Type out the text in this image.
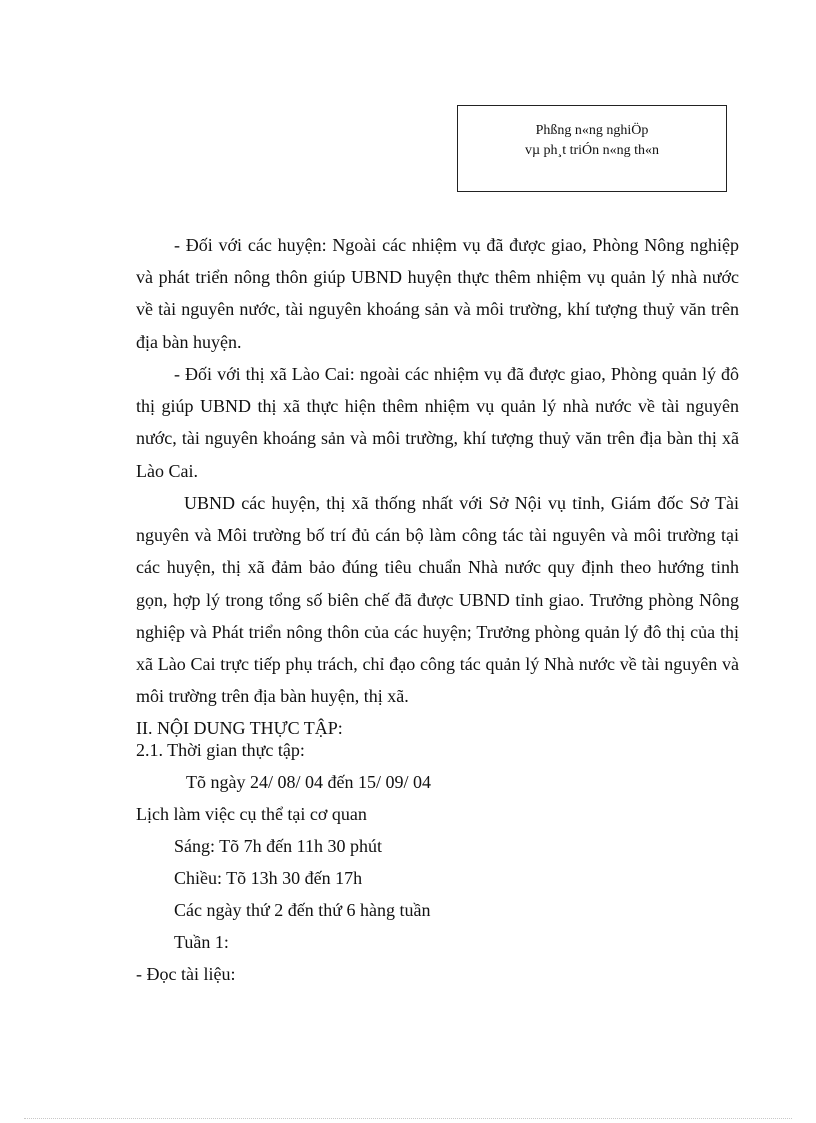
Phßng n«ng nghiÖp
vµ ph¸t triÓn n«ng th«n

- Đối với các huyện: Ngoài các nhiệm vụ đã được giao, Phòng Nông nghiệp và phát triển nông thôn giúp UBND huyện thực thêm nhiệm vụ quản lý nhà nước về tài nguyên nước, tài nguyên khoáng sản và môi trường, khí tượng thuỷ văn trên địa bàn huyện.

- Đối với thị xã Lào Cai: ngoài các nhiệm vụ đã được giao, Phòng quản lý đô thị giúp UBND thị xã thực hiện thêm nhiệm vụ quản lý nhà nước về tài nguyên nước, tài nguyên khoáng sản và môi trường, khí tượng thuỷ văn trên địa bàn thị xã Lào Cai.

UBND các huyện, thị xã thống nhất với Sở Nội vụ tỉnh, Giám đốc Sở Tài nguyên và Môi trường bố trí đủ cán bộ làm công tác tài nguyên và môi trường tại các huyện, thị xã đảm bảo đúng tiêu chuẩn Nhà nước quy định theo hướng tinh gọn, hợp lý trong tổng số biên chế đã được UBND tỉnh giao. Trưởng phòng Nông nghiệp và Phát triển nông thôn của các huyện; Trưởng phòng quản lý đô thị của thị xã Lào Cai trực tiếp phụ trách, chỉ đạo công tác quản lý Nhà nước về tài nguyên và môi trường trên địa bàn huyện, thị xã.

II. NỘI DUNG THỰC TẬP:

2.1. Thời gian thực tập:

Tõ ngày 24/ 08/ 04 đến 15/ 09/ 04

Lịch làm việc cụ thể tại cơ quan

Sáng: Tõ 7h đến 11h 30 phút

Chiều: Tõ 13h 30 đến 17h

Các ngày thứ 2 đến thứ 6 hàng tuần

Tuần 1:

- Đọc tài liệu:
